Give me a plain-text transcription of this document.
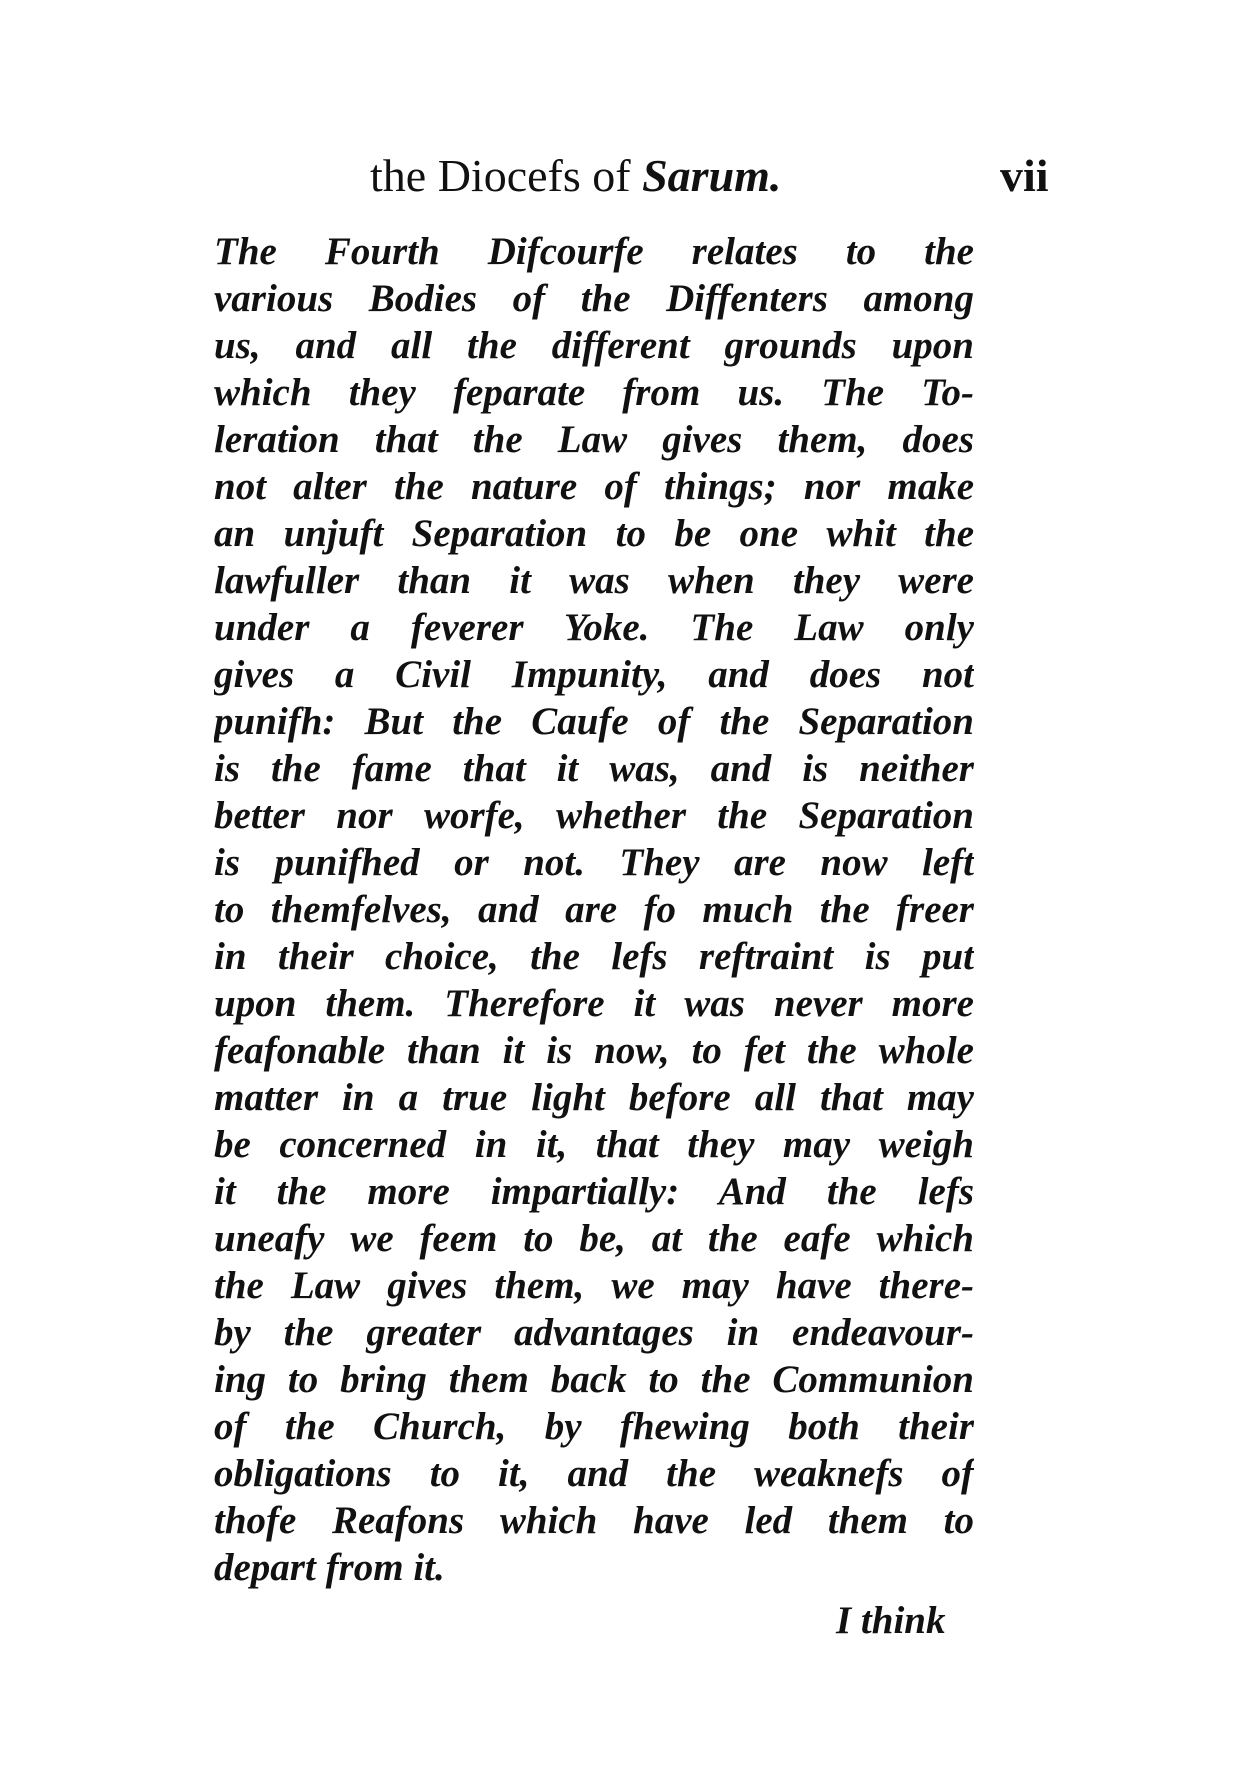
the Diocefs of Sarum.	vii
The Fourth Difcourfe relates to the
various Bodies of the Diffenters among
us, and all the different grounds upon
which they feparate from us. The To-
leration that the Law gives them, does
not alter the nature of things; nor make
an unjuft Separation to be one whit the
lawfuller than it was when they were
under a feverer Yoke. The Law only
gives a Civil Impunity, and does not
punifh: But the Caufe of the Separation
is the fame that it was, and is neither
better nor worfe, whether the Separation
is punifhed or not. They are now left
to themfelves, and are fo much the freer
in their choice, the lefs reftraint is put
upon them. Therefore it was never more
feafonable than it is now, to fet the whole
matter in a true light before all that may
be concerned in it, that they may weigh
it the more impartially: And the lefs
uneafy we feem to be, at the eafe which
the Law gives them, we may have there-
by the greater advantages in endeavour-
ing to bring them back to the Communion
of the Church, by fhewing both their
obligations to it, and the weaknefs of
thofe Reafons which have led them to
depart from it.
I think
